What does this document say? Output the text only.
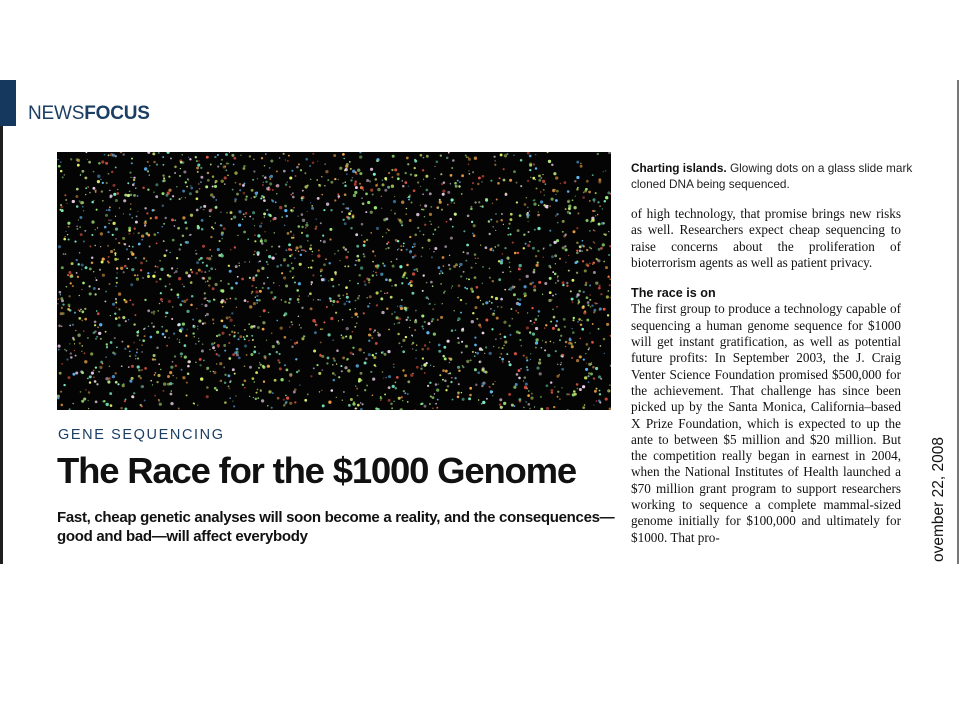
NEWSFOCUS
GENE SEQUENCING
The Race for the $1000 Genome

Fast, cheap genetic analyses will soon become a reality, and the consequences—good and bad—will affect everybody

Charting islands. Glowing dots on a glass slide mark cloned DNA being sequenced.

of high technology, that promise brings new risks as well. Researchers expect cheap sequencing to raise concerns about the proliferation of bioterrorism agents as well as patient privacy.

The race is on

The first group to produce a technology capable of sequencing a human genome sequence for $1000 will get instant gratification, as well as potential future profits: In September 2003, the J. Craig Venter Science Foundation promised $500,000 for the achievement. That challenge has since been picked up by the Santa Monica, California–based X Prize Foundation, which is expected to up the ante to between $5 million and $20 million. But the competition really began in earnest in 2004, when the National Institutes of Health launched a $70 million grant program to support researchers working to sequence a complete mammal-sized genome initially for $100,000 and ultimately for $1000. That pro-	ovember 22, 2008
